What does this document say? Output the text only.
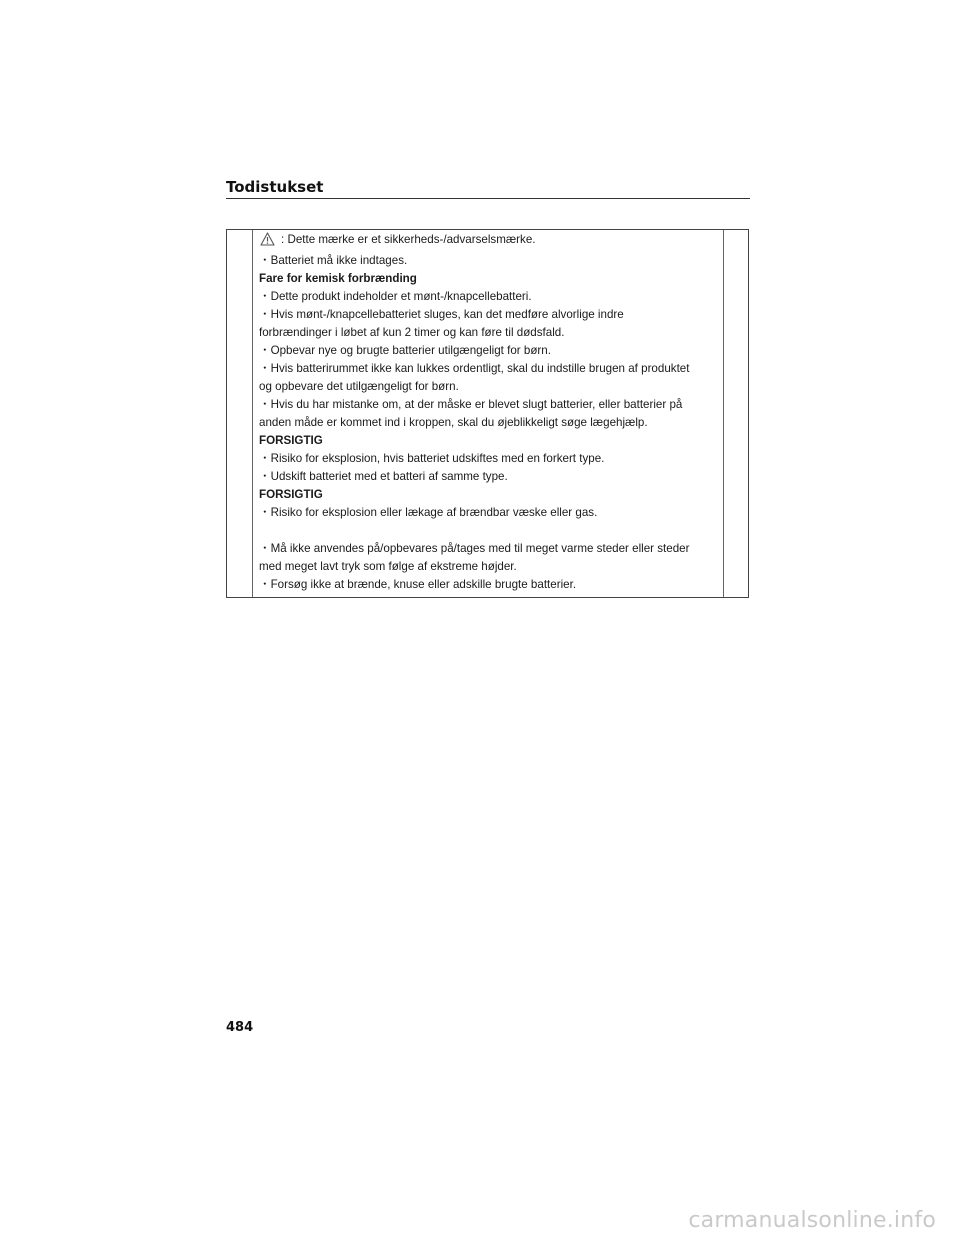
Todistukset

: Dette mærke er et sikkerheds-/advarselsmærke.

・Batteriet må ikke indtages.

Fare for kemisk forbrænding

・Dette produkt indeholder et mønt-/knapcellebatteri.

・Hvis mønt-/knapcellebatteriet sluges, kan det medføre alvorlige indre

forbrændinger i løbet af kun 2 timer og kan føre til dødsfald.

・Opbevar nye og brugte batterier utilgængeligt for børn.

・Hvis batterirummet ikke kan lukkes ordentligt, skal du indstille brugen af produktet

og opbevare det utilgængeligt for børn.

・Hvis du har mistanke om, at der måske er blevet slugt batterier, eller batterier på

anden måde er kommet ind i kroppen, skal du øjeblikkeligt søge lægehjælp.

FORSIGTIG

・Risiko for eksplosion, hvis batteriet udskiftes med en forkert type.

・Udskift batteriet med et batteri af samme type.

FORSIGTIG

・Risiko for eksplosion eller lækage af brændbar væske eller gas.

・Må ikke anvendes på/opbevares på/tages med til meget varme steder eller steder

med meget lavt tryk som følge af ekstreme højder.

・Forsøg ikke at brænde, knuse eller adskille brugte batterier.

484
carmanualsonline.info
